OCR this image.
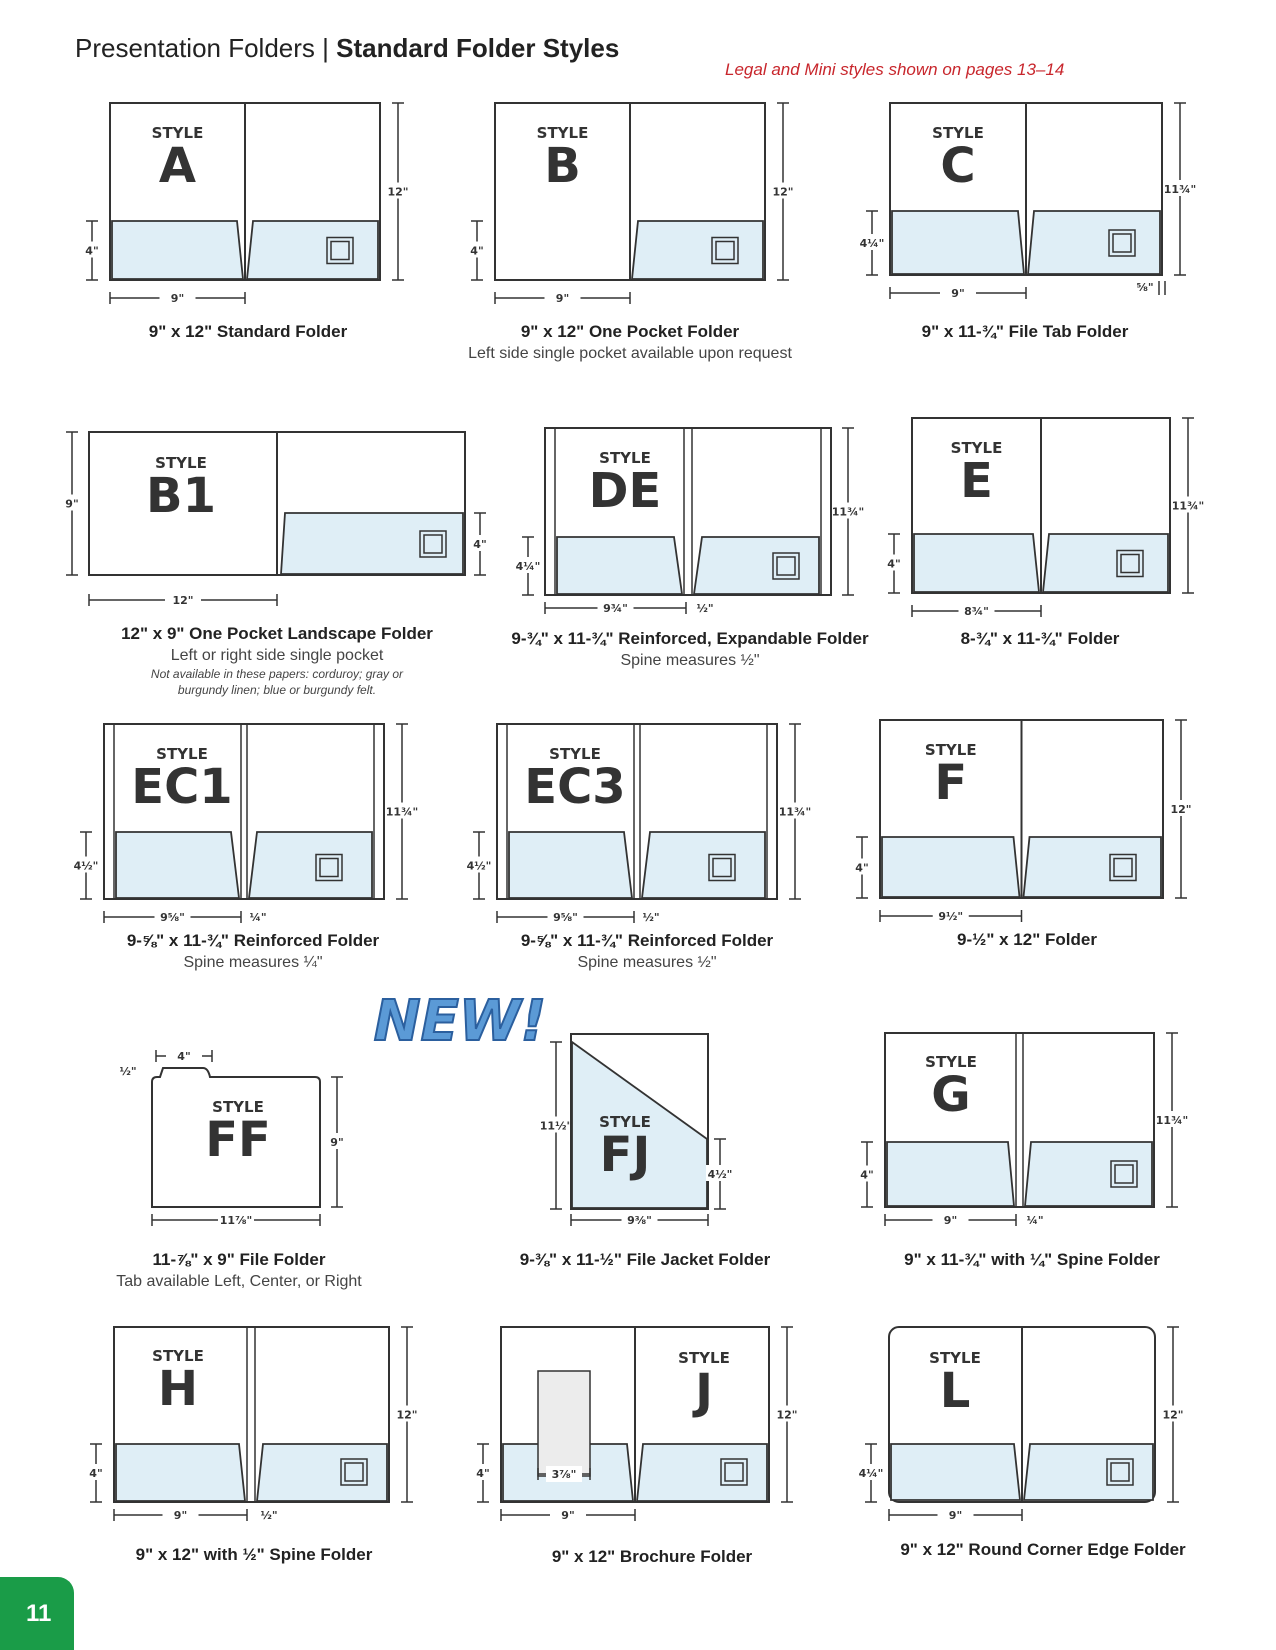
Presentation Folders | Standard Folder Styles
Legal and Mini styles shown on pages 13–14
STYLE
A	12"
4"
9"
STYLE
B	12"
4"
9"
STYLE
C	11¾"
4¼"
9"	⅝"
STYLE
B1
9"
4"
12"
STYLE
DE	11¾"
4¼"
9¾"	½"
STYLE
E	11¾"
4"
8¾"
STYLE
EC1	11¾"
4½"
9⅝"	¼"
STYLE
EC3	11¾"
4½"
9⅝"	½"
STYLE
F	12"
4"
9½"
STYLE
FF	9"
11⅞"
4"
½"
NEW!
STYLE
FJ
11½"
4½"
9⅜"
STYLE
G	11¾"
4"
9"	¼"
STYLE
H	12"
4"
9"	½"
STYLE
J	12"
4"
9"
3⅞"
STYLE
L	12"
4¼"
9"
9" x 12" Standard Folder	9" x 12" One Pocket Folder
Left side single pocket available upon request
9" x 11-¾" File Tab Folder
12" x 9" One Pocket Landscape Folder
Left or right side single pocket
Not available in these papers: corduroy; gray or
burgundy linen; blue or burgundy felt.
9-¾" x 11-¾" Reinforced, Expandable Folder
Spine measures ½"
8-¾" x 11-¾" Folder
9-⅝" x 11-¾" Reinforced Folder
Spine measures ¼"
9-⅝" x 11-¾" Reinforced Folder
Spine measures ½"
9-½" x 12" Folder
11-⅞" x 9" File Folder
Tab available Left, Center, or Right
9-⅜" x 11-½" File Jacket Folder	9" x 11-¾" with ¼" Spine Folder
9" x 12" with ½" Spine Folder	9" x 12" Brochure Folder	9" x 12" Round Corner Edge Folder
11
